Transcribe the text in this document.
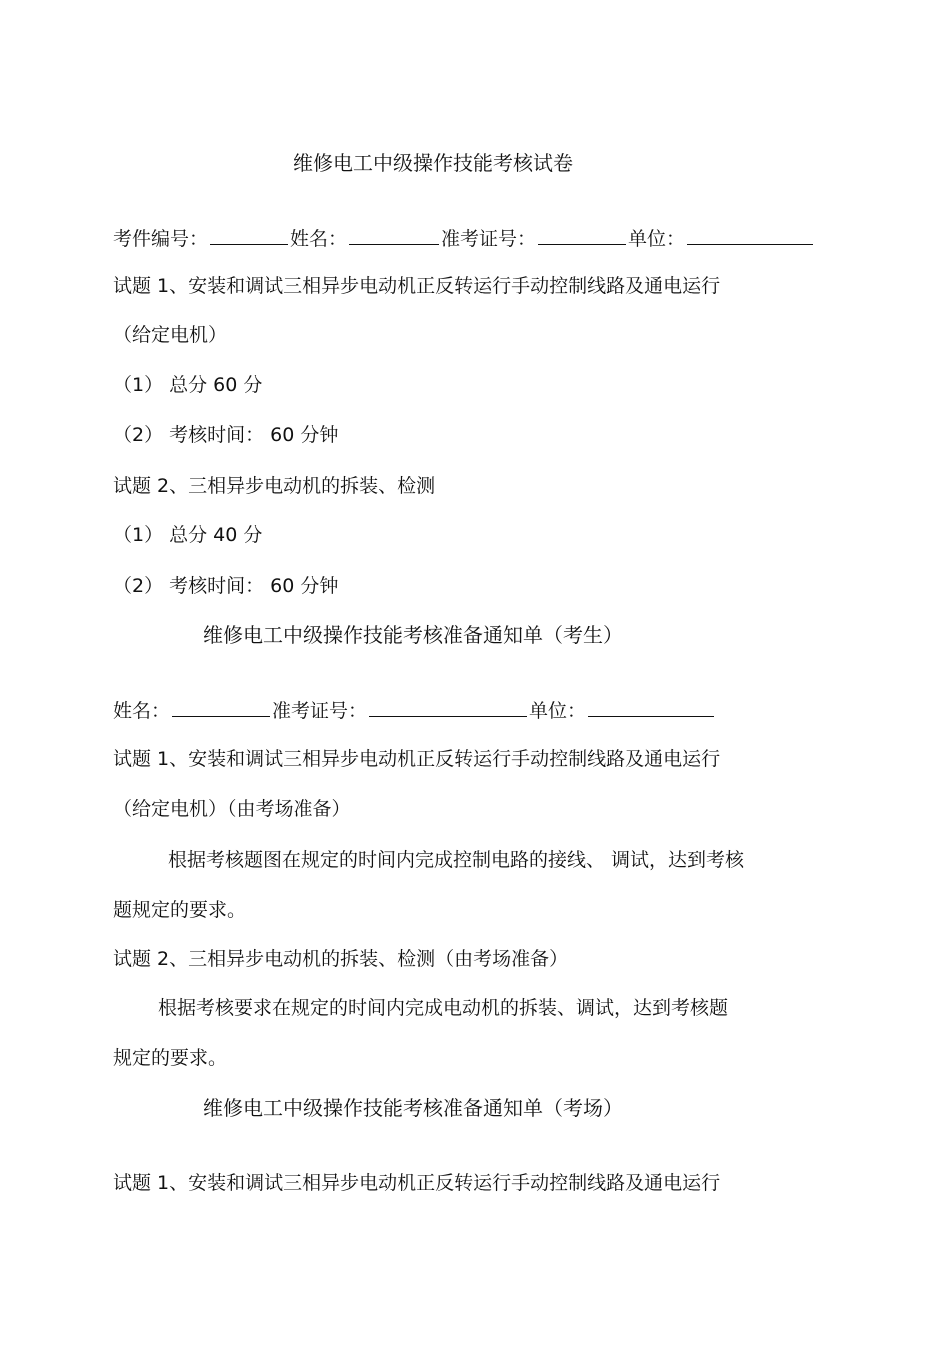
维修电工中级操作技能考核试卷
考件编号：	姓名：	准考证号：	单位：
试题 1、安装和调试三相异步电动机正反转运行手动控制线路及通电运行
（给定电机）
（1） 总分 60 分
（2） 考核时间： 60 分钟
试题 2、三相异步电动机的拆装、检测
（1） 总分 40 分
（2） 考核时间： 60 分钟
维修电工中级操作技能考核准备通知单（考生）
姓名：	准考证号：	单位：
试题 1、安装和调试三相异步电动机正反转运行手动控制线路及通电运行
（给定电机）（由考场准备）
根据考核题图在规定的时间内完成控制电路的接线、 调试，达到考核
题规定的要求。
试题 2、三相异步电动机的拆装、检测（由考场准备）
根据考核要求在规定的时间内完成电动机的拆装、调试，达到考核题
规定的要求。
维修电工中级操作技能考核准备通知单（考场）
试题 1、安装和调试三相异步电动机正反转运行手动控制线路及通电运行
